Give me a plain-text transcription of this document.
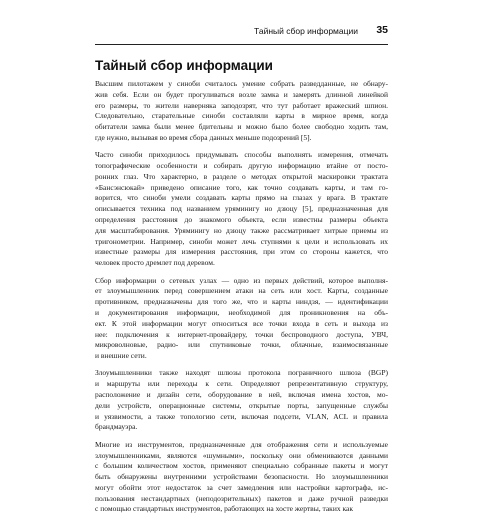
Тайный сбор информации 35
Тайный сбор информации

Высшим пилотажем у синоби считалось умение собрать разведданные, не обнару-
жив себя. Если он будет прогуливаться возле замка и замерять длинной линейкой
его размеры, то жители наверняка заподозрят, что тут работает вражеский шпион.
Следовательно, старательные синоби составляли карты в мирное время, когда
обитатели замка были менее бдительны и можно было более свободно ходить там,
где нужно, вызывая во время сбора данных меньше подозрений [5].

Часто синоби приходилось придумывать способы выполнять измерения, отмечать
топографические особенности и собирать другую информацию втайне от посто-
ронних глаз. Что характерно, в разделе о методах открытой маскировки трактата
«Бансэнсюкай» приведено описание того, как точно создавать карты, и там го-
ворится, что синоби умели создавать карты прямо на глазах у врага. В трактате
описывается техника под названием уряминигу но дзюцу [5], предназначенная для
определения расстояния до знакомого объекта, если известны размеры объекта
для масштабирования. Уряминигу но дзюцу также рассматривает хитрые приемы из
тригонометрии. Например, синоби может лечь ступнями к цели и использовать их
известные размеры для измерения расстояния, при этом со стороны кажется, что
человек просто дремлет под деревом.

Сбор информации о сетевых узлах — одно из первых действий, которое выполня-
ет злоумышленник перед совершением атаки на сеть или хост. Карты, созданные
противником, предназначены для того же, что и карты ниндзя, — идентификации
и документирования информации, необходимой для проникновения на объ-
ект. К этой информации могут относиться все точки входа в сеть и выхода из
нее: подключения к интернет-провайдеру, точки беспроводного доступа, УВЧ,
микроволновые, радио- или спутниковые точки, облачные, взаимосвязанные
и внешние сети.

Злоумышленники также находят шлюзы протокола пограничного шлюза (BGP)
и маршруты или переходы к сети. Определяют репрезентативную структуру,
расположение и дизайн сети, оборудование в ней, включая имена хостов, мо-
дели устройств, операционные системы, открытые порты, запущенные службы
и уязвимости, а также топологию сети, включая подсети, VLAN, ACL и правила
брандмауэра.

Многие из инструментов, предназначенные для отображения сети и используемые
злоумышленниками, являются «шумными», поскольку они обмениваются данными
с большим количеством хостов, применяют специально собранные пакеты и могут
быть обнаружены внутренними устройствами безопасности. Но злоумышленники
могут обойти этот недостаток за счет замедления или настройки картографа, ис-
пользования нестандартных (неподозрительных) пакетов и даже ручной разведки
с помощью стандартных инструментов, работающих на хосте жертвы, таких как
